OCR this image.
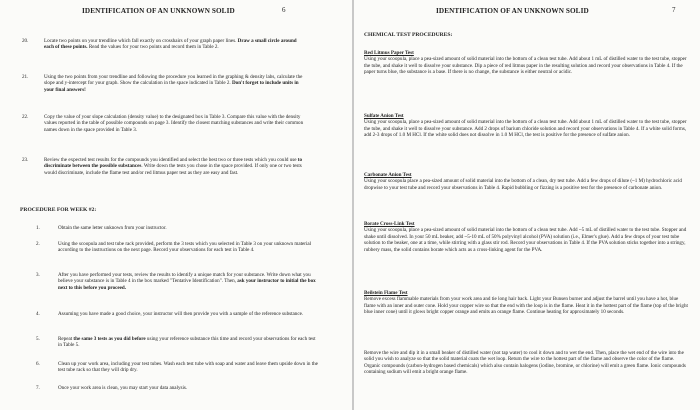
IDENTIFICATION OF AN UNKNOWN SOLID	6
20.	Locate two points on your trendline which fall exactly on crosshairs of your graph paper lines. Draw a small circle around each of these points. Read the values for your two points and record them in Table 2.
21.	Using the two points from your trendline and following the procedure you learned in the graphing & density labs, calculate the slope and y-intercept for your graph. Show the calculation in the space indicated in Table 2. Don't forget to include units in your final answers!
22.	Copy the value of your slope calculation (density value) to the designated box in Table 3. Compare this value with the density values reported in the table of possible compounds on page 3. Identify the closest matching substances and write their common names down in the space provided in Table 3.
23.	Review the expected test results for the compounds you identified and select the best two or three tests which you could use to discriminate between the possible substances. Write down the tests you chose in the space provided. If only one or two tests would discriminate, include the flame test and/or red litmus paper test as they are easy and fast.
PROCEDURE FOR WEEK #2:
1.	Obtain the same letter unknown from your instructor.
2.	Using the scoopula and test tube rack provided, perform the 3 tests which you selected in Table 3 on your unknown material according to the instructions on the next page. Record your observations for each test in Table 4.
3.	After you have performed your tests, review the results to identify a unique match for your substance. Write down what you believe your substance is in Table 4 in the box marked "Tentative Identification". Then, ask your instructor to initial the box next to this before you proceed.
4.	Assuming you have made a good choice, your instructor will then provide you with a sample of the reference substance.
5.	Repeat the same 3 tests as you did before using your reference substance this time and record your observations for each test in Table 5.
6.	Clean up your work area, including your test tubes. Wash each test tube with soap and water and leave them upside down in the test tube rack so that they will drip dry.
7.	Once your work area is clean, you may start your data analysis.
IDENTIFICATION OF AN UNKNOWN SOLID	7
CHEMICAL TEST PROCEDURES:
Red Litmus Paper Test
Using your scoopula, place a pea-sized amount of solid material into the bottom of a clean test tube. Add about 1 mL of distilled water to the test tube, stopper the tube, and shake it well to dissolve your substance. Dip a piece of red litmus paper in the resulting solution and record your observations in Table 4. If the paper turns blue, the substance is a base. If there is no change, the substance is either neutral or acidic.
Sulfate Anion Test
Using your scoopula, place a pea-sized amount of solid material into the bottom of a clean test tube. Add about 1 mL of distilled water to the test tube, stopper the tube, and shake it well to dissolve your substance. Add 2 drops of barium chloride solution and record your observations in Table 4. If a white solid forms, add 2-3 drops of 1.0 M HCl. If the white solid does not dissolve in 1.0 M HCl, the test is positive for the presence of sulfate anion.
Carbonate Anion Test
Using your scoopula place a pea-sized amount of solid material into the bottom of a clean, dry test tube. Add a few drops of dilute (~1 M) hydrochloric acid dropwise to your test tube and record your observations in Table 4. Rapid bubbling or fizzing is a positive test for the presence of carbonate anion.
Borate Cross-Link Test
Using your scoopula, place a pea-sized amount of solid material into the bottom of a clean test tube. Add ~5 mL of distilled water to the test tube. Stopper and shake until dissolved. In your 50 mL beaker, add ~5-10 mL of 50% polyvinyl alcohol (PVA) solution (i.e., Elmer's glue). Add a few drops of your test tube solution to the beaker, one at a time, while stirring with a glass stir rod. Record your observations in Table 4. If the PVA solution sticks together into a stringy, rubbery mass, the solid contains borate which acts as a cross-linking agent for the PVA.
Beilstein Flame Test
Remove excess flammable materials from your work area and tie long hair back. Light your Bunsen burner and adjust the barrel until you have a hot, blue flame with an inner and outer cone. Hold your copper wire so that the end with the loop is in the flame. Heat it in the hottest part of the flame (top of the bright blue inner cone) until it glows bright copper orange and emits an orange flame. Continue heating for approximately 10 seconds.
Remove the wire and dip it in a small beaker of distilled water (not tap water) to cool it down and to wet the end. Then, place the wet end of the wire into the solid you wish to analyze so that the solid material coats the wet loop. Return the wire to the hottest part of the flame and observe the color of the flame. Organic compounds (carbon-hydrogen based chemicals) which also contain halogens (iodine, bromine, or chlorine) will emit a green flame. Ionic compounds containing sodium will emit a bright orange flame.
